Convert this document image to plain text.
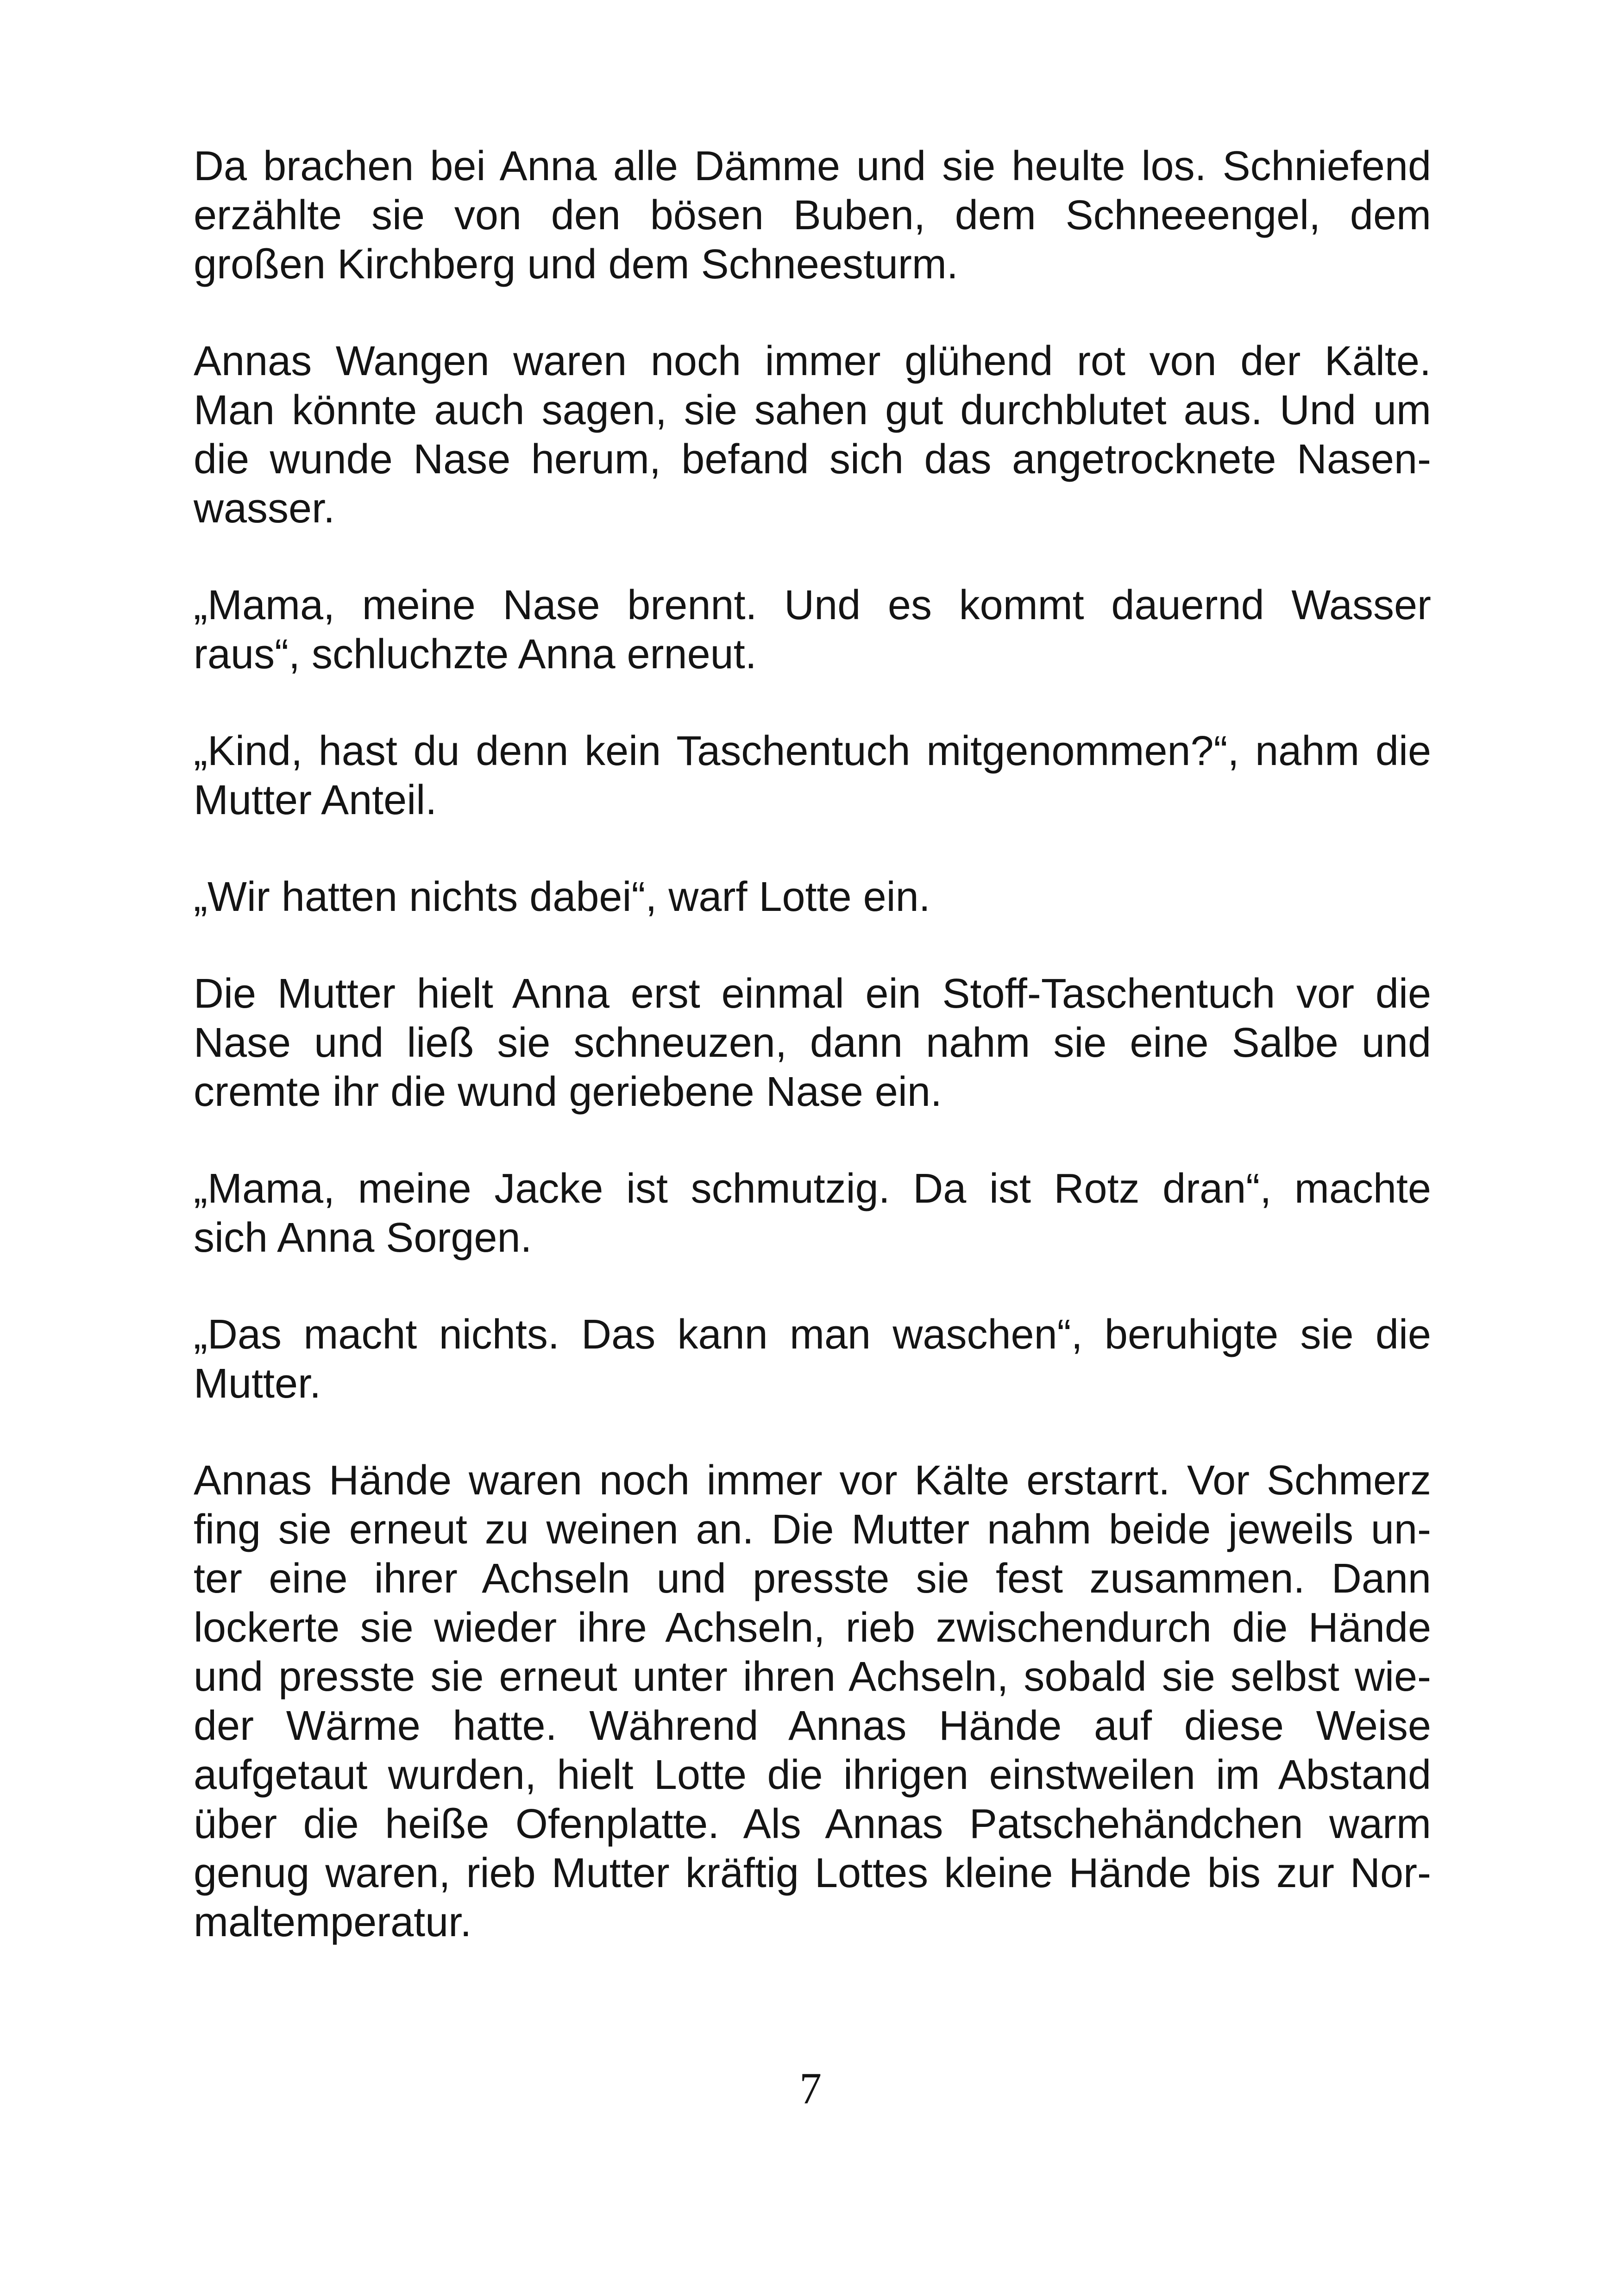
Da brachen bei Anna alle Dämme und sie heulte los. Schniefend
erzählte sie von den bösen Buben, dem Schneeengel, dem
großen Kirchberg und dem Schneesturm.
Annas Wangen waren noch immer glühend rot von der Kälte.
Man könnte auch sagen, sie sahen gut durchblutet aus. Und um
die wunde Nase herum, befand sich das angetrocknete Nasen-
wasser.
„Mama, meine Nase brennt. Und es kommt dauernd Wasser
raus“, schluchzte Anna erneut.
„Kind, hast du denn kein Taschentuch mitgenommen?“, nahm die
Mutter Anteil.
„Wir hatten nichts dabei“, warf Lotte ein.
Die Mutter hielt Anna erst einmal ein Stoff-Taschentuch vor die
Nase und ließ sie schneuzen, dann nahm sie eine Salbe und
cremte ihr die wund geriebene Nase ein.
„Mama, meine Jacke ist schmutzig. Da ist Rotz dran“, machte
sich Anna Sorgen.
„Das macht nichts. Das kann man waschen“, beruhigte sie die
Mutter.
Annas Hände waren noch immer vor Kälte erstarrt. Vor Schmerz
fing sie erneut zu weinen an. Die Mutter nahm beide jeweils un-
ter eine ihrer Achseln und presste sie fest zusammen. Dann
lockerte sie wieder ihre Achseln, rieb zwischendurch die Hände
und presste sie erneut unter ihren Achseln, sobald sie selbst wie-
der Wärme hatte. Während Annas Hände auf diese Weise
aufgetaut wurden, hielt Lotte die ihrigen einstweilen im Abstand
über die heiße Ofenplatte. Als Annas Patschehändchen warm
genug waren, rieb Mutter kräftig Lottes kleine Hände bis zur Nor-
maltemperatur.
7
